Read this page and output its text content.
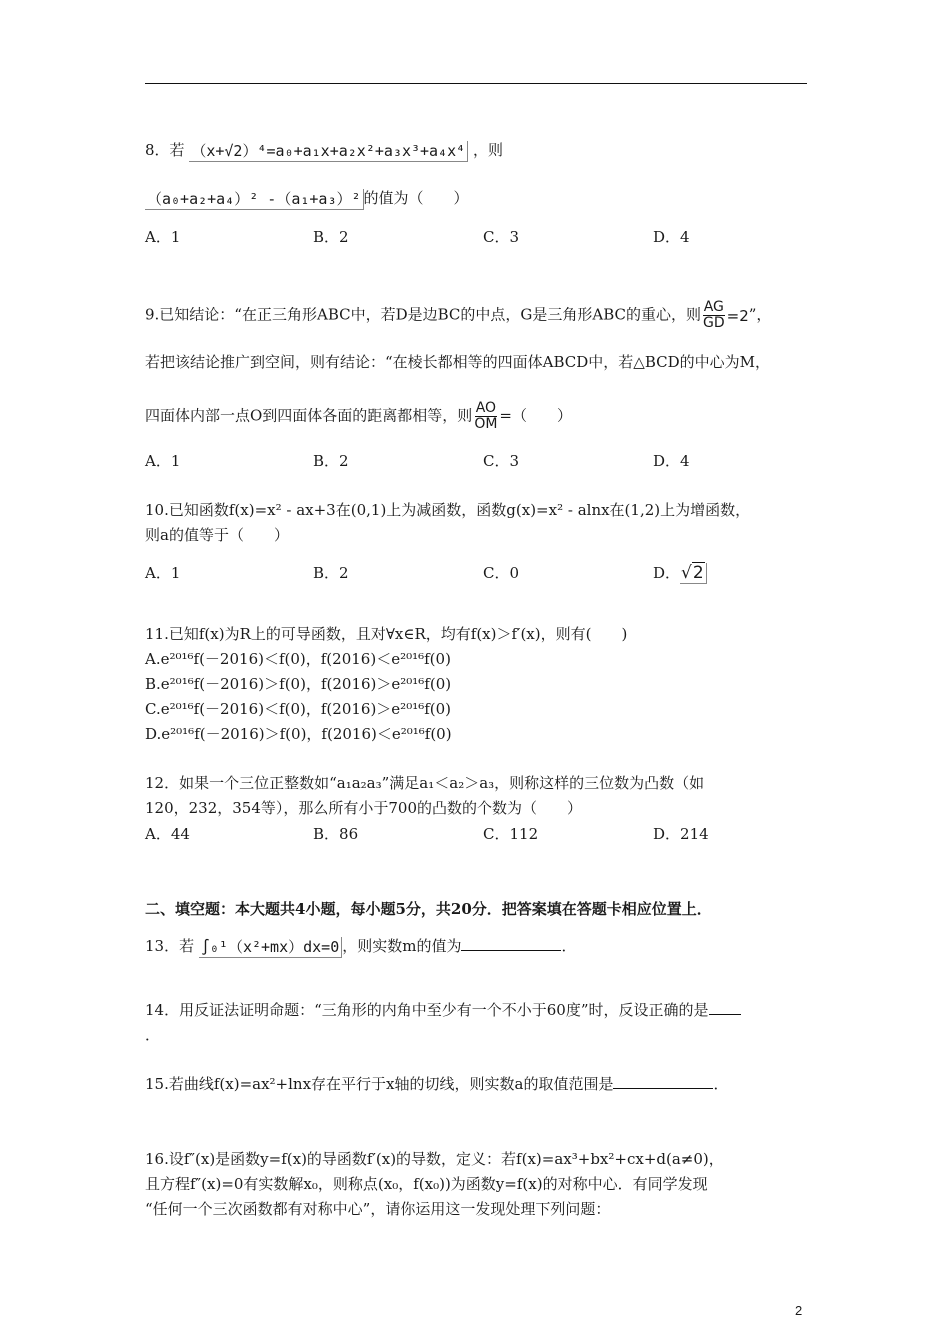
8．若 （x+√2）⁴=a₀+a₁x+a₂x²+a₃x³+a₄x⁴ ，则
（a₀+a₂+a₄）² -（a₁+a₃）² 的值为（　　）
A．1	B．2	C．3	D．4
9.已知结论：“在正三角形ABC中，若D是边BC的中点，G是三角形ABC的重心，则 $\frac{AG}{GD} =2$”，
若把该结论推广到空间，则有结论：“在棱长都相等的四面体ABCD中，若△BCD的中心为M，
四面体内部一点O到四面体各面的距离都相等，则 $\frac{AO}{OM}$ =（　　）
A．1	B．2	C．3	D．4
10.已知函数f(x)=x² - ax+3在(0,1)上为减函数，函数g(x)=x² - alnx在(1,2)上为增函数，
则a的值等于（　　）
A．1	B．2	C．0	D．√2
11.已知f(x)为R上的可导函数，且对∀x∈R，均有f(x)＞f′(x)，则有(　　)
A.e²⁰¹⁶f(－2016)＜f(0)，f(2016)＜e²⁰¹⁶f(0)
B.e²⁰¹⁶f(－2016)＞f(0)，f(2016)＞e²⁰¹⁶f(0)
C.e²⁰¹⁶f(－2016)＜f(0)，f(2016)＞e²⁰¹⁶f(0)
D.e²⁰¹⁶f(－2016)＞f(0)，f(2016)＜e²⁰¹⁶f(0)
12．如果一个三位正整数如“a₁a₂a₃”满足a₁＜a₂＞a₃，则称这样的三位数为凸数（如
120，232，354等），那么所有小于700的凸数的个数为（　　）
A．44	B．86	C．112	D．214
二、填空题：本大题共4小题，每小题5分，共20分．把答案填在答题卡相应位置上．
13．若 ∫₀¹（x²+mx）dx=0 ，则实数m的值为	．
14．用反证法证明命题：“三角形的内角中至少有一个不小于60度”时，反设正确的是
．
15.若曲线f(x)=ax²+lnx存在平行于x轴的切线，则实数a的取值范围是	．
16.设f″(x)是函数y=f(x)的导函数f′(x)的导数，定义：若f(x)=ax³+bx²+cx+d(a≠0)，
且方程f″(x)=0有实数解x₀，则称点(x₀，f(x₀))为函数y=f(x)的对称中心．有同学发现
“任何一个三次函数都有对称中心”，请你运用这一发现处理下列问题：
2
